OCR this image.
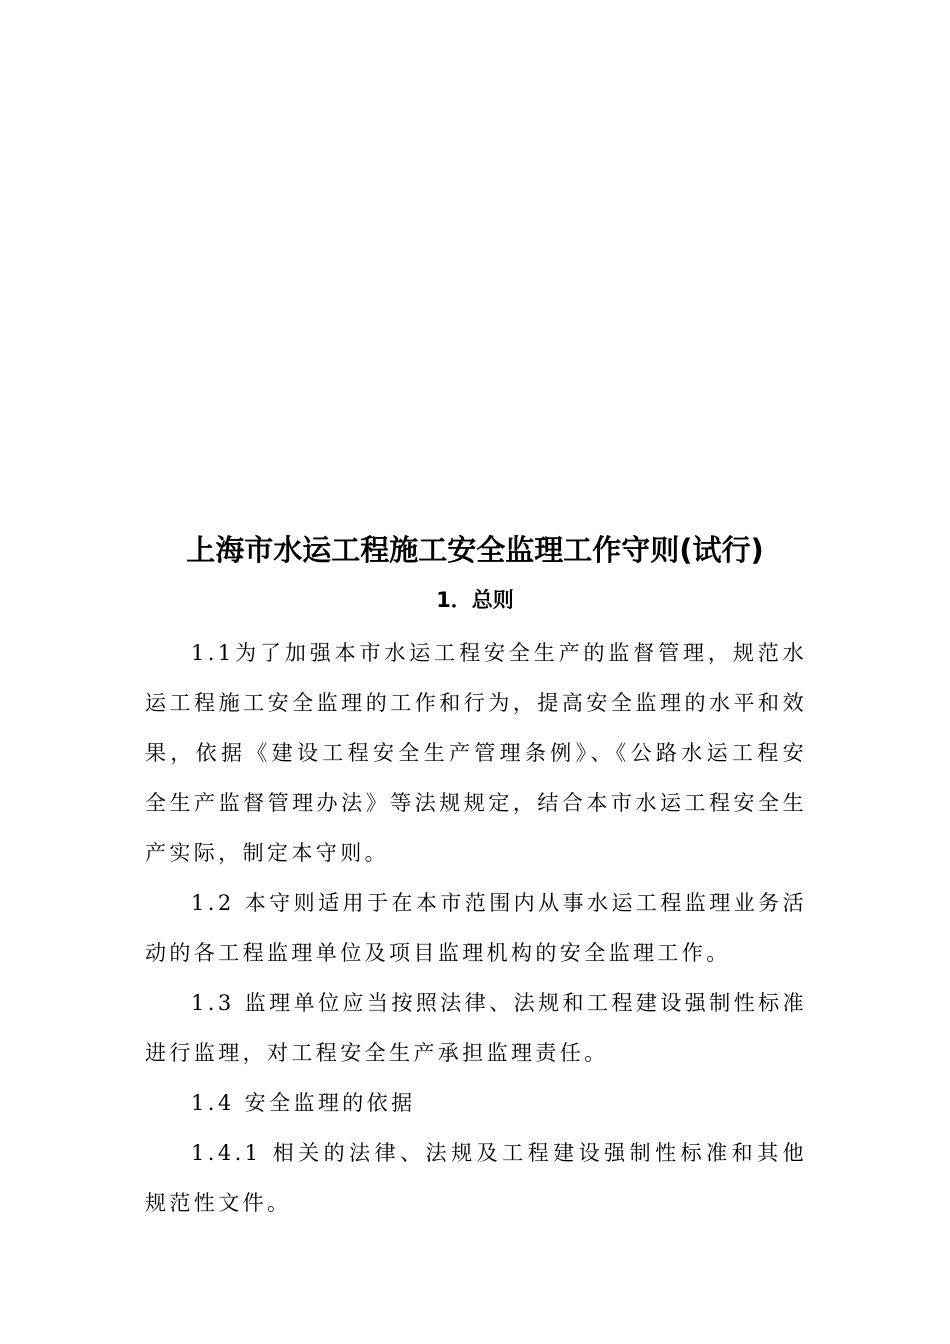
上海市水运工程施工安全监理工作守则(试行)
1．总则

1.1为了加强本市水运工程安全生产的监督管理，规范水运工程施工安全监理的工作和行为，提高安全监理的水平和效果，依据《建设工程安全生产管理条例》、《公路水运工程安全生产监督管理办法》等法规规定，结合本市水运工程安全生产实际，制定本守则。

1.2 本守则适用于在本市范围内从事水运工程监理业务活动的各工程监理单位及项目监理机构的安全监理工作。

1.3 监理单位应当按照法律、法规和工程建设强制性标准进行监理，对工程安全生产承担监理责任。

1.4 安全监理的依据

1.4.1 相关的法律、法规及工程建设强制性标准和其他规范性文件。
